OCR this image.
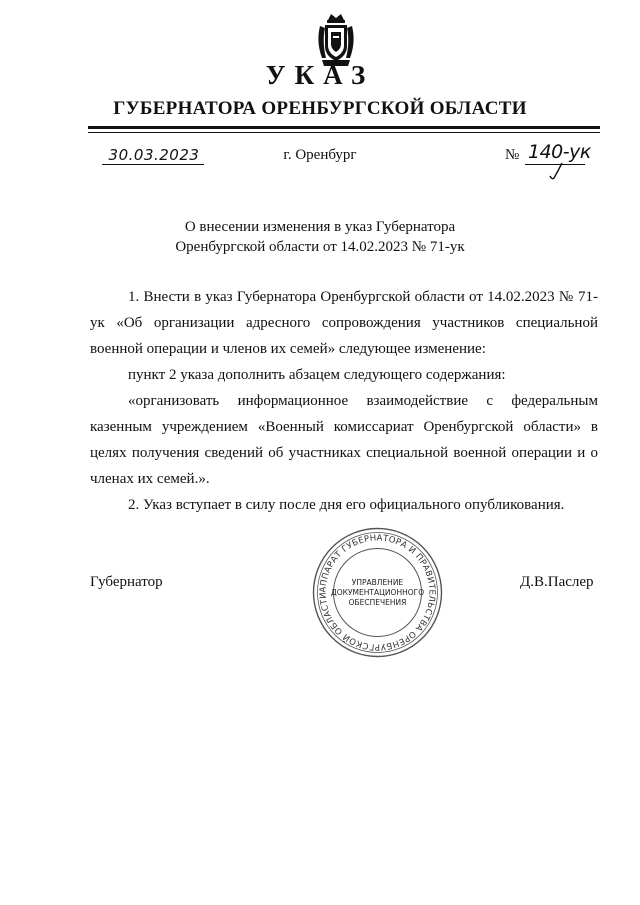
УКАЗ
ГУБЕРНАТОРА ОРЕНБУРГСКОЙ ОБЛАСТИ
30.03.2023	г. Оренбург	№ 140-ук
О внесении изменения в указ Губернатора
Оренбургской области от 14.02.2023 № 71-ук

1. Внести в указ Губернатора Оренбургской области от 14.02.2023 № 71-ук «Об организации адресного сопровождения участников специальной военной операции и членов их семей» следующее изменение:

пункт 2 указа дополнить абзацем следующего содержания:

«организовать информационное взаимодействие с федеральным казенным учреждением «Военный комиссариат Оренбургской области» в целях получения сведений об участниках специальной военной операции и о членах их семей.».

2. Указ вступает в силу после дня его официального опубликования.

Губернатор	Д.В.Паслер
АППАРАТ ГУБЕРНАТОРА И ПРАВИТЕЛЬСТВА ОРЕНБУРГСКОЙ ОБЛАСТИ
УПРАВЛЕНИЕ
ДОКУМЕНТАЦИОННОГО
ОБЕСПЕЧЕНИЯ
